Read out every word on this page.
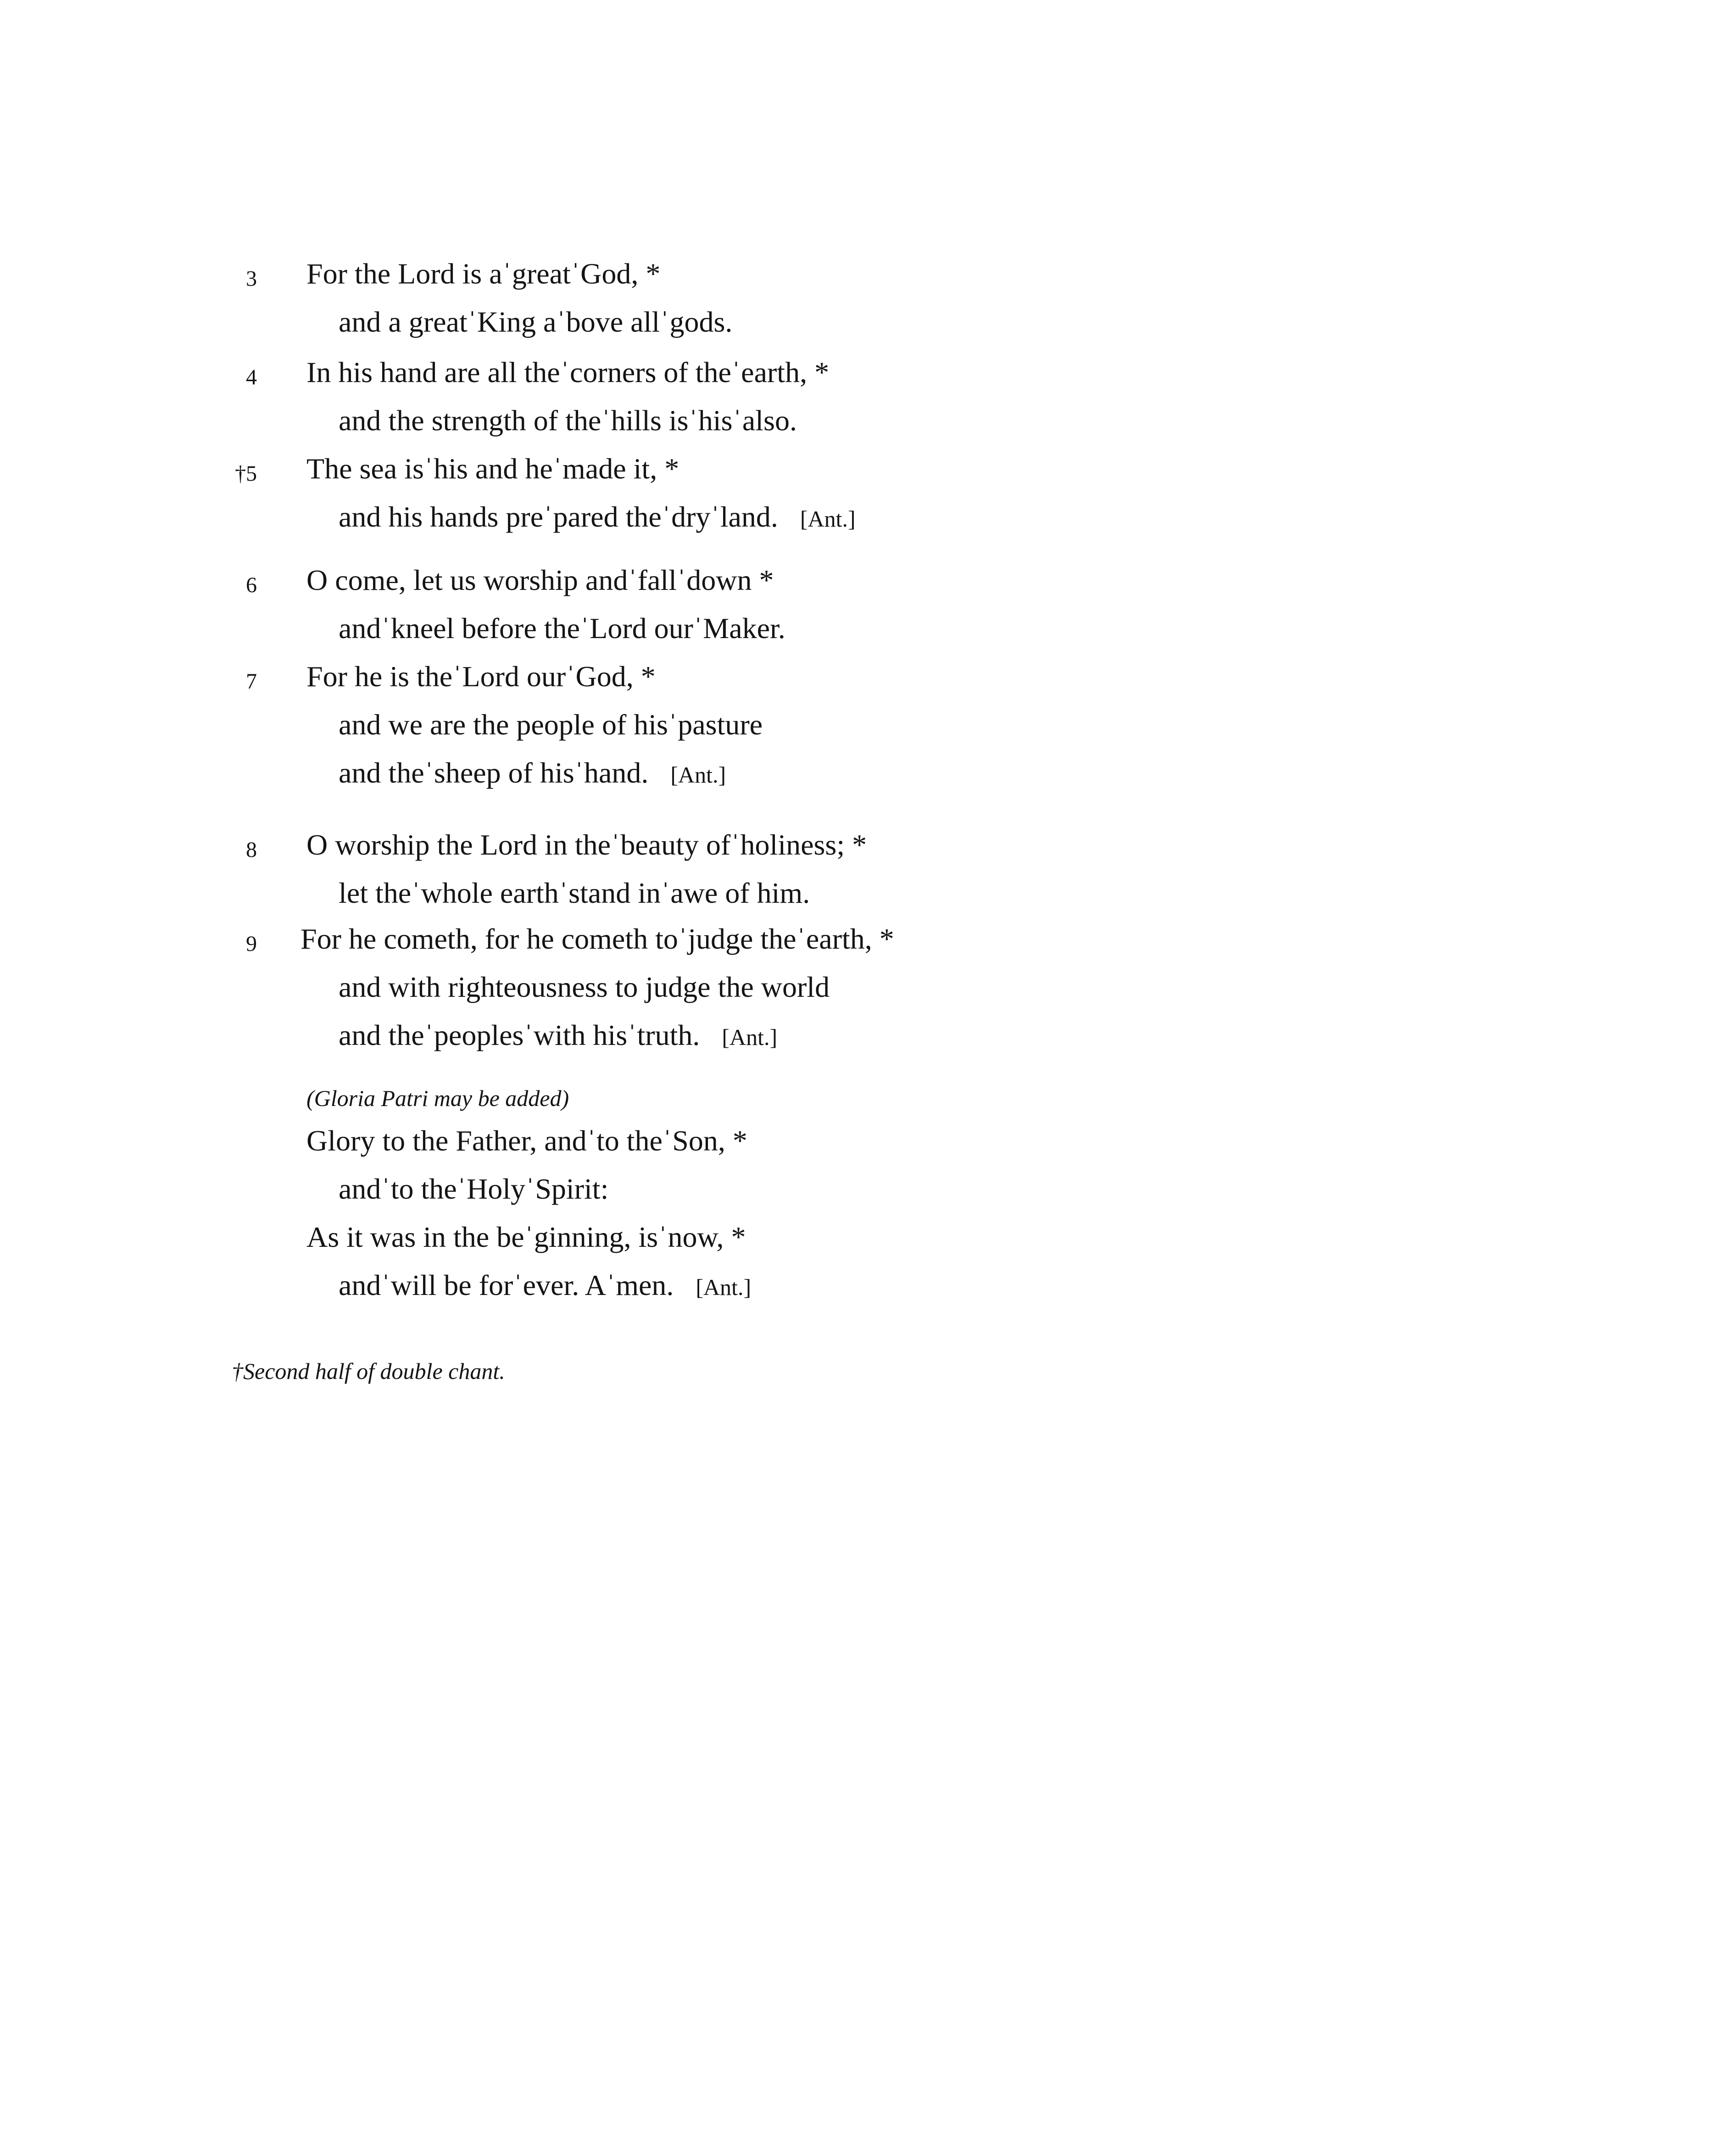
3 For the Lord is aˈgreatˈGod, *
and a greatˈKing aˈbove allˈgods.
4 In his hand are all theˈcorners of theˈearth, *
and the strength of theˈhills isˈhisˈalso.
†5 The sea isˈhis and heˈmade it, *
and his hands preˈpared theˈdryˈland. [Ant.]
6 O come, let us worship andˈfallˈdown *
andˈkneel before theˈLord ourˈMaker.
7 For he is theˈLord ourˈGod, *
and we are the people of hisˈpasture
and theˈsheep of hisˈhand. [Ant.]
8 O worship the Lord in theˈbeauty ofˈholiness; *
let theˈwhole earthˈstand inˈawe of him.
9 For he cometh, for he cometh toˈjudge theˈearth, *
and with righteousness to judge the world
and theˈpeoplesˈwith hisˈtruth. [Ant.]
(Gloria Patri may be added)
Glory to the Father, andˈto theˈSon, *
andˈto theˈHolyˈSpirit:
As it was in the beˈginning, isˈnow, *
andˈwill be forˈever. Aˈmen. [Ant.]
†Second half of double chant.
